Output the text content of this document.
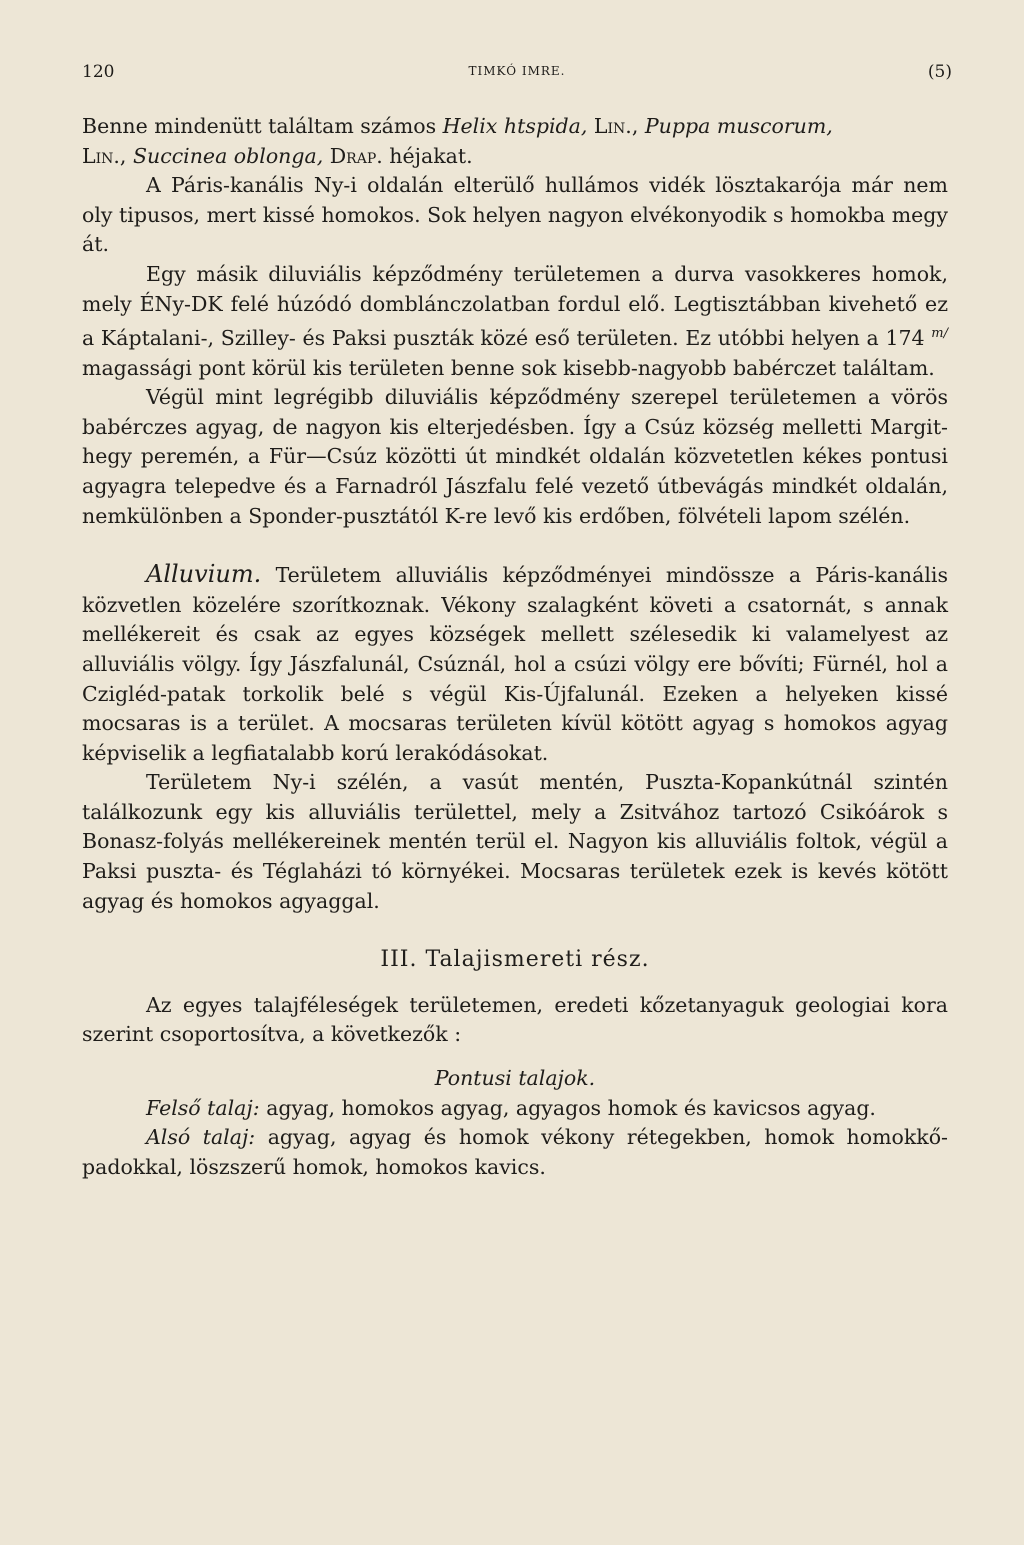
120	TIMKÓ IMRE.	(5)

Benne mindenütt találtam számos Helix htspida, Lin., Puppa muscorum,
Lin., Succinea oblonga, Drap. héjakat.

A Páris-kanális Ny-i oldalán elterülő hullámos vidék lösztakarója már nem oly tipusos, mert kissé homokos. Sok helyen nagyon elvékonyodik s homokba megy át.

Egy másik diluviális képződmény területemen a durva vasokkeres homok, mely ÉNy-DK felé húzódó domblánczolatban fordul elő. Legtisztábban kivehető ez a Káptalani-, Szilley- és Paksi puszták közé eső területen. Ez utóbbi helyen a 174 $^{m/}$ magassági pont körül kis területen benne sok kisebb-nagyobb babérczet találtam.

Végül mint legrégibb diluviális képződmény szerepel területemen a vörös babérczes agyag, de nagyon kis elterjedésben. Így a Csúz község melletti Margit-hegy peremén, a Für—Csúz közötti út mindkét oldalán közvetetlen kékes pontusi agyagra telepedve és a Farnadról Jászfalu felé vezető útbevágás mindkét oldalán, nemkülönben a Sponder-pusztától K-re levő kis erdőben, fölvételi lapom szélén.

Alluvium. Területem alluviális képződményei mindössze a Páris-kanális közvetlen közelére szorítkoznak. Vékony szalagként követi a csatornát, s annak mellékereit és csak az egyes községek mellett szélesedik ki valamelyest az alluviális völgy. Így Jászfalunál, Csúznál, hol a csúzi völgy ere bővíti; Fürnél, hol a Czigléd-patak torkolik belé s végül Kis-Újfalunál. Ezeken a helyeken kissé mocsaras is a terület. A mocsaras területen kívül kötött agyag s homokos agyag képviselik a legfiatalabb korú lerakódásokat.

Területem Ny-i szélén, a vasút mentén, Puszta-Kopankútnál szintén találkozunk egy kis alluviális területtel, mely a Zsitvához tartozó Csikóárok s Bonasz-folyás mellékereinek mentén terül el. Nagyon kis alluviális foltok, végül a Paksi puszta- és Téglaházi tó környékei. Mocsaras területek ezek is kevés kötött agyag és homokos agyaggal.

III. Talajismereti rész.

Az egyes talajféleségek területemen, eredeti kőzetanyaguk geologiai kora szerint csoportosítva, a következők :

Pontusi talajok.

Felső talaj: agyag, homokos agyag, agyagos homok és kavicsos agyag.

Alsó talaj: agyag, agyag és homok vékony rétegekben, homok homokkő-padokkal, löszszerű homok, homokos kavics.
